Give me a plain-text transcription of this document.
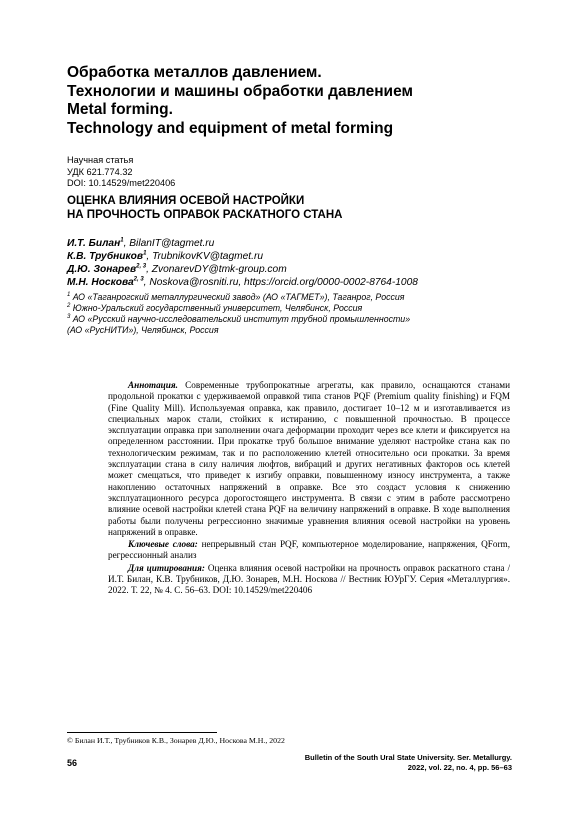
Обработка металлов давлением.
Технологии и машины обработки давлением
Metal forming.
Technology and equipment of metal forming
Научная статья
УДК 621.774.32
DOI: 10.14529/met220406
ОЦЕНКА ВЛИЯНИЯ ОСЕВОЙ НАСТРОЙКИ
НА ПРОЧНОСТЬ ОПРАВОК РАСКАТНОГО СТАНА
И.Т. Билан$^1$, BilanIT@tagmet.ru
К.В. Трубников$^1$, TrubnikovKV@tagmet.ru
Д.Ю. Зонарев$^{2, 3}$, ZvonarevDY@tmk-group.com
М.Н. Носкова$^{2, 3}$, Noskova@rosniti.ru, https://orcid.org/0000-0002-8764-1008
$^1$ АО «Таганрогский металлургический завод» (АО «ТАГМЕТ»), Таганрог, Россия
$^2$ Южно-Уральский государственный университет, Челябинск, Россия
$^3$ АО «Русский научно-исследовательский институт трубной промышленности»
(АО «РусНИТИ»), Челябинск, Россия

Аннотация. Современные трубопрокатные агрегаты, как правило, оснащаются станами продольной прокатки с удерживаемой оправкой типа станов PQF (Premium quality finishing) и FQM (Fine Quality Mill). Используемая оправка, как правило, достигает 10–12 м и изготавливается из специальных марок стали, стойких к истиранию, с повышенной прочностью. В процессе эксплуатации оправка при заполнении очага деформации проходит через все клети и фиксируется на определенном расстоянии. При прокатке труб большое внимание уделяют настройке стана как по технологическим режимам, так и по расположению клетей относительно оси прокатки. За время эксплуатации стана в силу наличия люфтов, вибраций и других негативных факторов ось клетей может смещаться, что приведет к изгибу оправки, повышенному износу инструмента, а также накоплению остаточных напряжений в оправке. Все это создаст условия к снижению эксплуатационного ресурса дорогостоящего инструмента. В связи с этим в работе рассмотрено влияние осевой настройки клетей стана PQF на величину напряжений в оправке. В ходе выполнения работы были получены регрессионно значимые уравнения влияния осевой настройки на уровень напряжений в оправке.

Ключевые слова: непрерывный стан PQF, компьютерное моделирование, напряжения, QForm, регрессионный анализ

Для цитирования: Оценка влияния осевой настройки на прочность оправок раскатного стана / И.Т. Билан, К.В. Трубников, Д.Ю. Зонарев, М.Н. Носкова // Вестник ЮУрГУ. Серия «Металлургия». 2022. Т. 22, № 4. С. 56–63. DOI: 10.14529/met220406

© Билан И.Т., Трубников К.В., Зонарев Д.Ю., Носкова М.Н., 2022
56
Bulletin of the South Ural State University. Ser. Metallurgy.
2022, vol. 22, no. 4, pp. 56–63
